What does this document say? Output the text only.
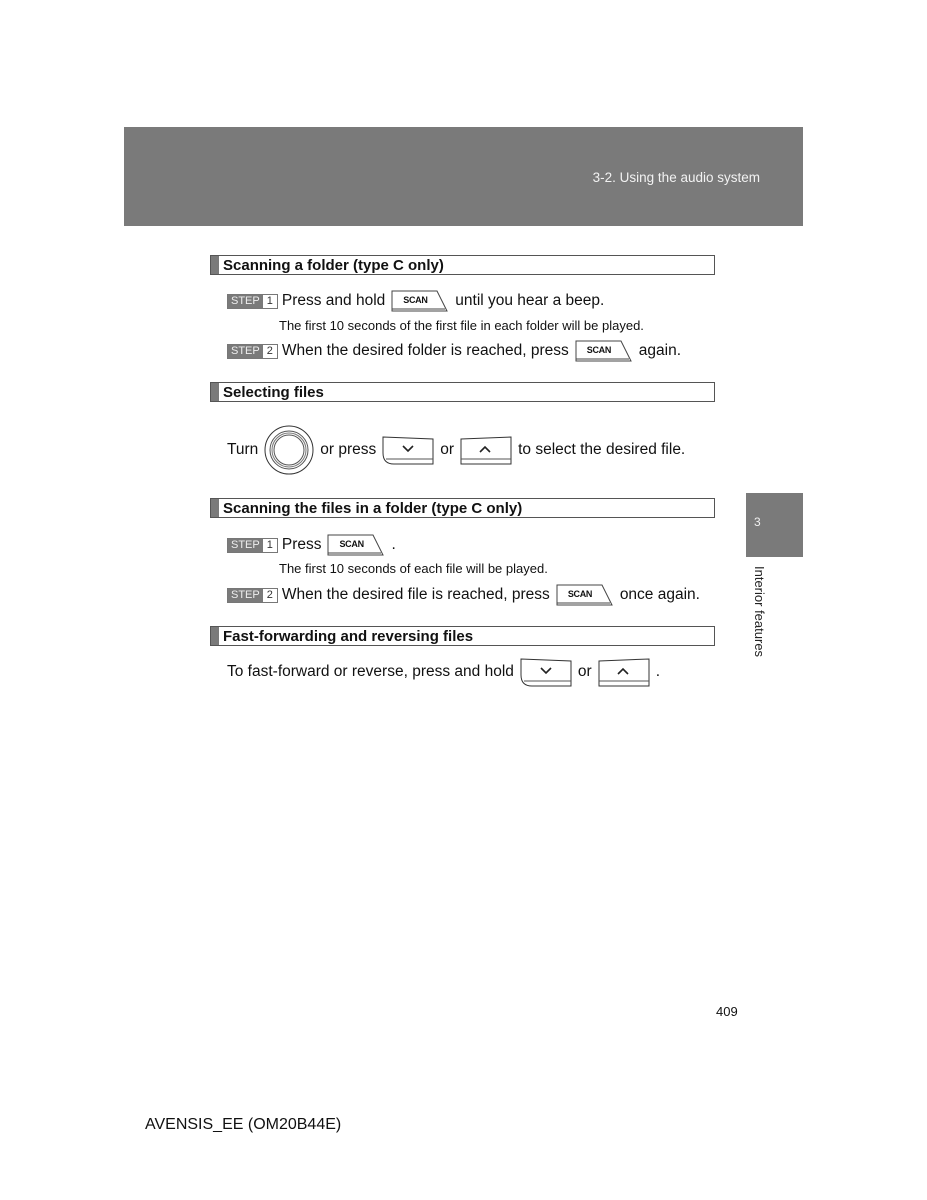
3-2. Using the audio system
3
Interior features
Scanning a folder (type C only)
STEP 1 Press and hold SCAN until you hear a beep.
The first 10 seconds of the first file in each folder will be played.
STEP 2 When the desired folder is reached, press SCAN again.
Selecting files
Turn	or press	or	to select the desired file.
Scanning the files in a folder (type C only)
STEP 1 Press SCAN .
The first 10 seconds of each file will be played.
STEP 2 When the desired file is reached, press SCAN once again.
Fast-forwarding and reversing files
To fast-forward or reverse, press and hold	or	.
409
AVENSIS_EE (OM20B44E)
